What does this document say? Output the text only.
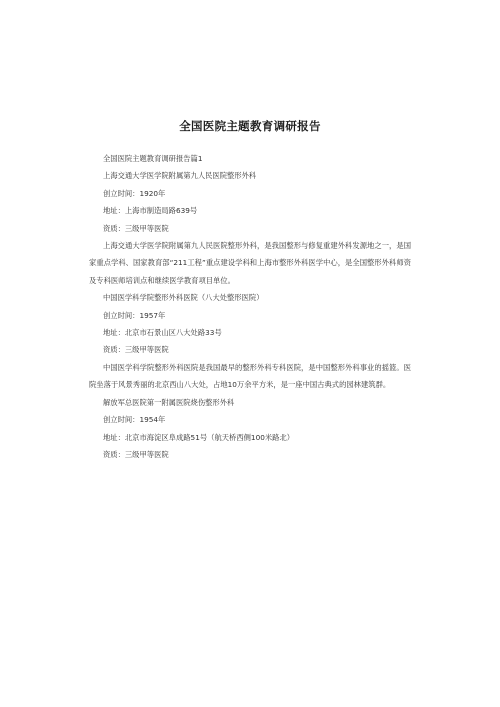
全国医院主题教育调研报告

全国医院主题教育调研报告篇1

上海交通大学医学院附属第九人民医院整形外科

创立时间：1920年

地址：上海市制造局路639号

资质：三级甲等医院

上海交通大学医学院附属第九人民医院整形外科，是我国整形与修复重建外科发源地之一，是国家重点学科、国家教育部“211工程”重点建设学科和上海市整形外科医学中心，是全国整形外科师资及专科医师培训点和继续医学教育项目单位。

中国医学科学院整形外科医院（八大处整形医院）

创立时间：1957年

地址：北京市石景山区八大处路33号

资质：三级甲等医院

中国医学科学院整形外科医院是我国最早的整形外科专科医院，是中国整形外科事业的摇篮。医院坐落于风景秀丽的北京西山八大处，占地10万余平方米，是一座中国古典式的园林建筑群。

解放军总医院第一附属医院烧伤整形外科

创立时间：1954年

地址：北京市海淀区阜成路51号（航天桥西侧100米路北）

资质：三级甲等医院
